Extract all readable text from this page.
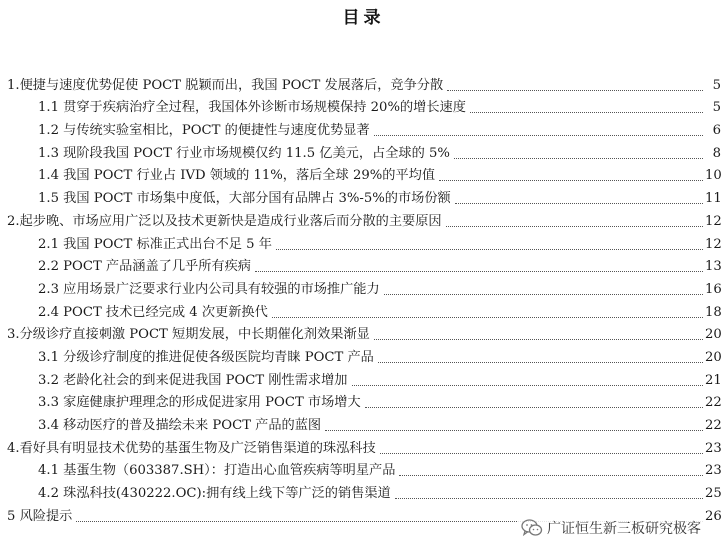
目录
1.便捷与速度优势促使 POCT 脱颖而出，我国 POCT 发展落后，竞争分散	5
1.1 贯穿于疾病治疗全过程，我国体外诊断市场规模保持 20%的增长速度	5
1.2 与传统实验室相比，POCT 的便捷性与速度优势显著	6
1.3 现阶段我国 POCT 行业市场规模仅约 11.5 亿美元，占全球的 5%	8
1.4 我国 POCT 行业占 IVD 领域的 11%，落后全球 29%的平均值	10
1.5 我国 POCT 市场集中度低，大部分国有品牌占 3%-5%的市场份额	11
2.起步晚、市场应用广泛以及技术更新快是造成行业落后而分散的主要原因	12
2.1 我国 POCT 标准正式出台不足 5 年	12
2.2 POCT 产品涵盖了几乎所有疾病	13
2.3 应用场景广泛要求行业内公司具有较强的市场推广能力	16
2.4 POCT 技术已经完成 4 次更新换代	18
3.分级诊疗直接刺激 POCT 短期发展，中长期催化剂效果渐显	20
3.1 分级诊疗制度的推进促使各级医院均青睐 POCT 产品	20
3.2 老龄化社会的到来促进我国 POCT 刚性需求增加	21
3.3 家庭健康护理理念的形成促进家用 POCT 市场增大	22
3.4 移动医疗的普及描绘未来 POCT 产品的蓝图	22
4.看好具有明显技术优势的基蛋生物及广泛销售渠道的珠泓科技	23
4.1 基蛋生物（603387.SH）：打造出心血管疾病等明星产品	23
4.2 珠泓科技(430222.OC):拥有线上线下等广泛的销售渠道	25
5 风险提示	26
广证恒生新三板研究极客
